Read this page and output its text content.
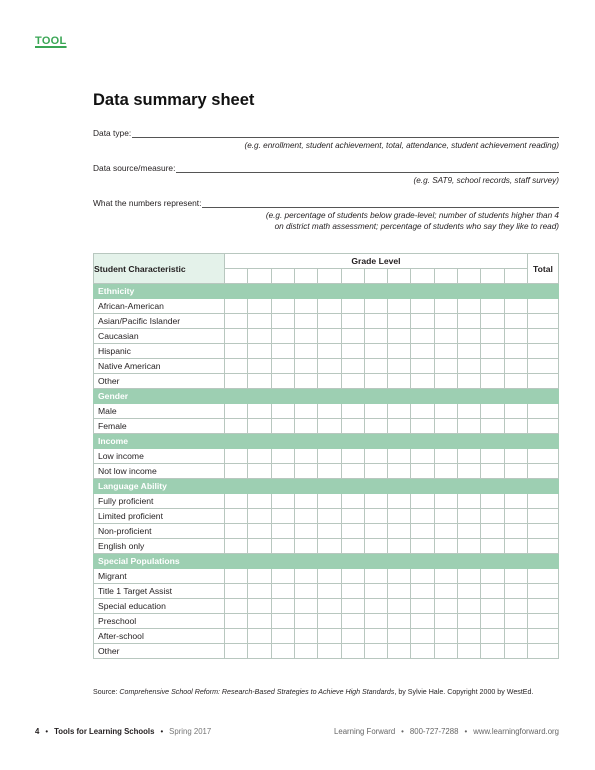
TOOL
Data summary sheet
Data type:
(e.g. enrollment, student achievement, total, attendance, student achievement reading)
Data source/measure:
(e.g. SAT9, school records, staff survey)
What the numbers represent:
(e.g. percentage of students below grade-level; number of students higher than 4
on district math assessment; percentage of students who say they like to read)
Student Characteristic	Grade Level													Total

Ethnicity														
African-American														
Asian/Pacific Islander														
Caucasian														
Hispanic														
Native American														
Other														
Gender														
Male														
Female														
Income														
Low income														
Not low income														
Language Ability														
Fully proficient														
Limited proficient														
Non-proficient														
English only														
Special Populations														
Migrant														
Title 1 Target Assist														
Special education														
Preschool														
After-school														
Other														
Source: Comprehensive School Reform: Research-Based Strategies to Achieve High Standards, by Sylvie Hale. Copyright 2000 by WestEd.
4 • Tools for Learning Schools • Spring 2017	Learning Forward • 800-727-7288 • www.learningforward.org
